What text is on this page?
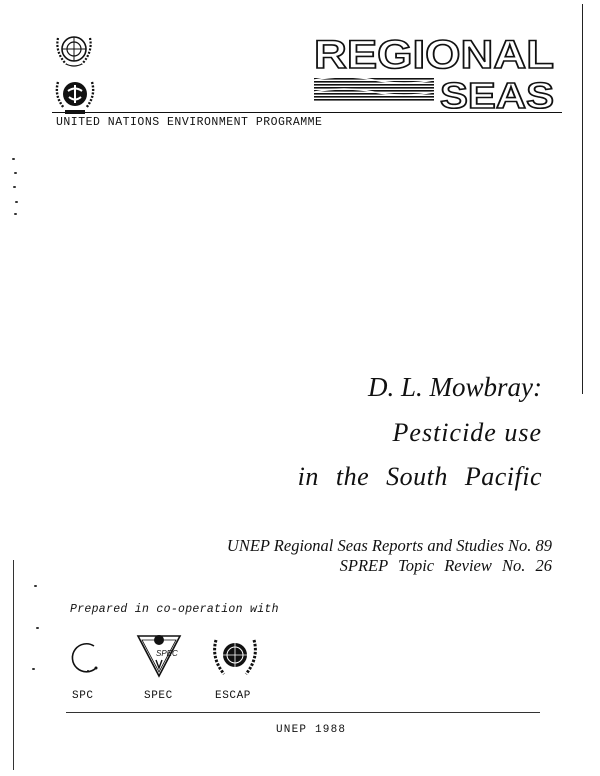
REGIONAL
SEAS
UNITED NATIONS ENVIRONMENT PROGRAMME
D. L. Mowbray:
Pesticide use
in the South Pacific
UNEP Regional Seas Reports and Studies No. 89
SPREP Topic Review No. 26
Prepared in co-operation with
SPEC
SPC	SPEC	ESCAP
UNEP 1988
